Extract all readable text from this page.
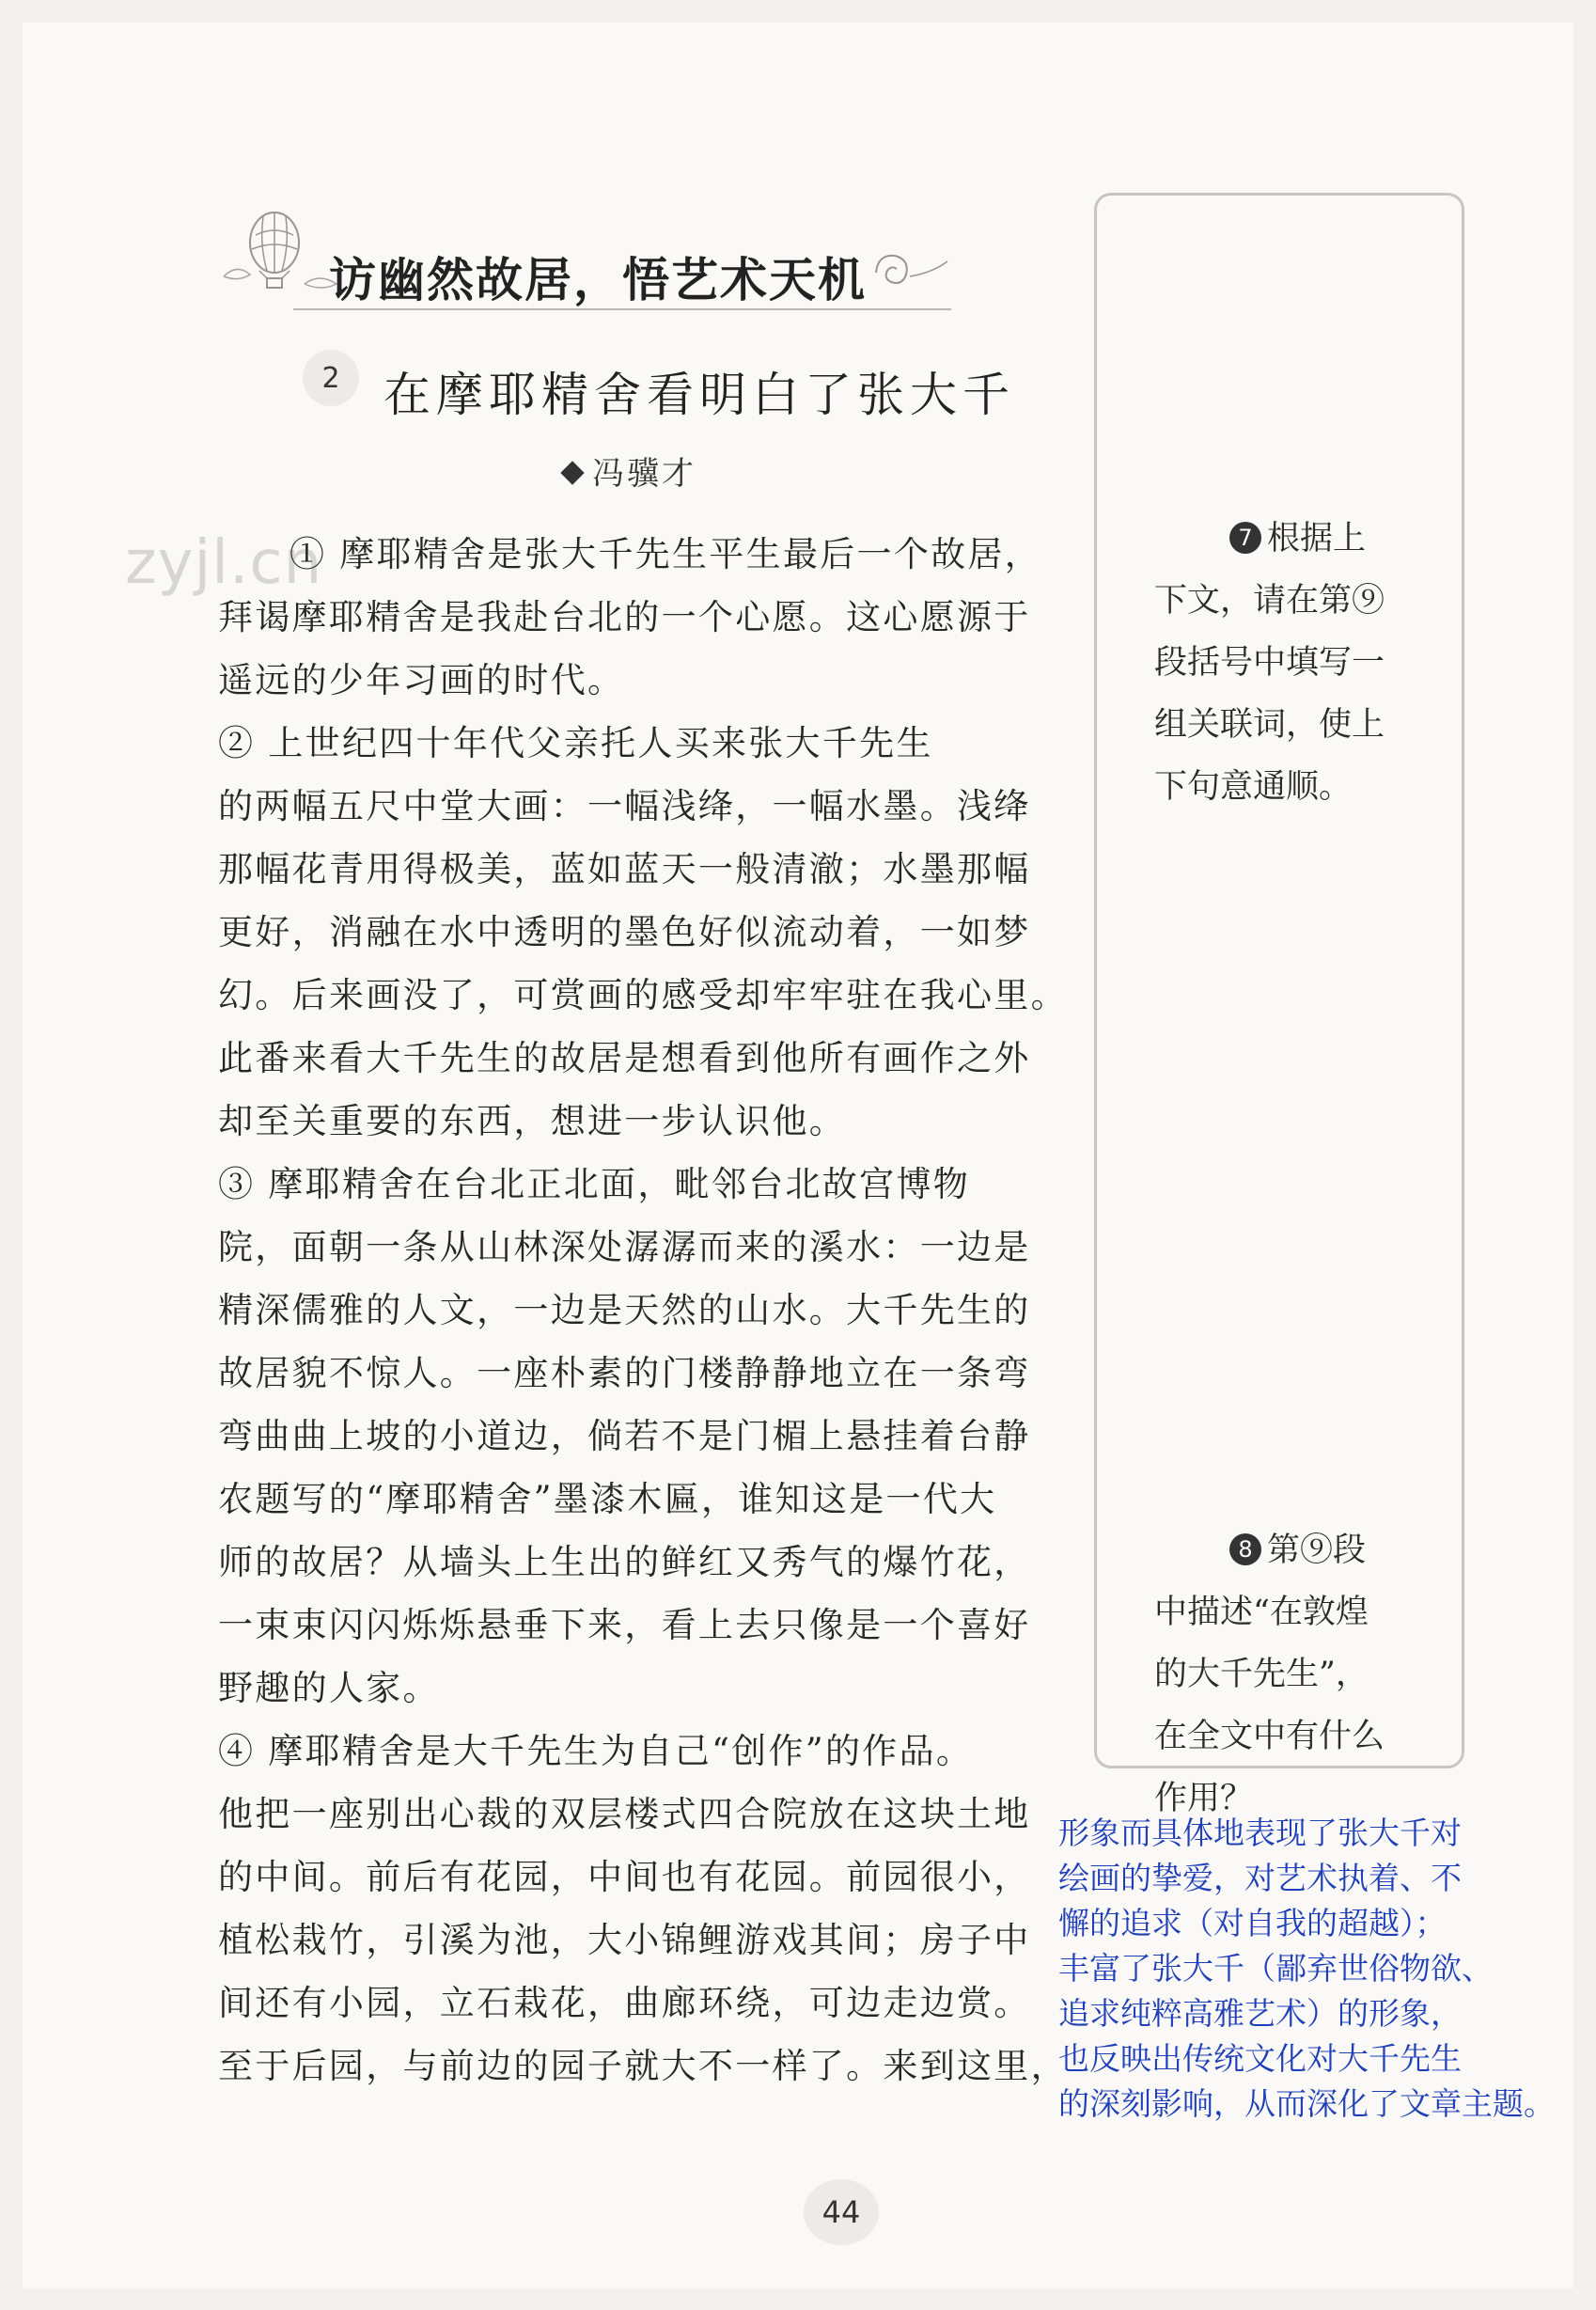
访幽然故居，悟艺术天机
2 在摩耶精舍看明白了张大千
冯骥才
zyjl.cn
① 摩耶精舍是张大千先生平生最后一个故居，
拜谒摩耶精舍是我赴台北的一个心愿。这心愿源于
遥远的少年习画的时代。
② 上世纪四十年代父亲托人买来张大千先生
的两幅五尺中堂大画：一幅浅绛，一幅水墨。浅绛
那幅花青用得极美，蓝如蓝天一般清澈；水墨那幅
更好，消融在水中透明的墨色好似流动着，一如梦
幻。后来画没了，可赏画的感受却牢牢驻在我心里。
此番来看大千先生的故居是想看到他所有画作之外
却至关重要的东西，想进一步认识他。
③ 摩耶精舍在台北正北面，毗邻台北故宫博物
院，面朝一条从山林深处潺潺而来的溪水：一边是
精深儒雅的人文，一边是天然的山水。大千先生的
故居貌不惊人。一座朴素的门楼静静地立在一条弯
弯曲曲上坡的小道边，倘若不是门楣上悬挂着台静
农题写的“摩耶精舍”墨漆木匾，谁知这是一代大
师的故居？从墙头上生出的鲜红又秀气的爆竹花，
一束束闪闪烁烁悬垂下来，看上去只像是一个喜好
野趣的人家。
④ 摩耶精舍是大千先生为自己“创作”的作品。
他把一座别出心裁的双层楼式四合院放在这块土地
的中间。前后有花园，中间也有花园。前园很小，
植松栽竹，引溪为池，大小锦鲤游戏其间；房子中
间还有小园，立石栽花，曲廊环绕，可边走边赏。
至于后园，与前边的园子就大不一样了。来到这里，
7 根据上
下文，请在第⑨
段括号中填写一
组关联词，使上
下句意通顺。
8 第⑨段
中描述“在敦煌
的大千先生”，
在全文中有什么
作用？
形象而具体地表现了张大千对
绘画的挚爱，对艺术执着、不
懈的追求（对自我的超越）；
丰富了张大千（鄙弃世俗物欲、
追求纯粹高雅艺术）的形象，
也反映出传统文化对大千先生
的深刻影响，从而深化了文章主题。
44
